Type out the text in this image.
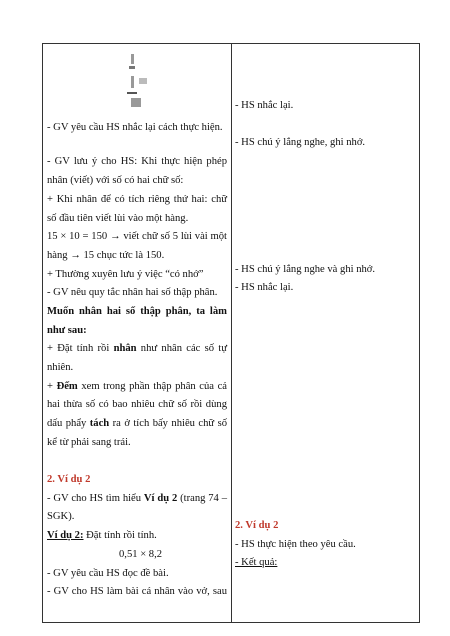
- GV yêu cầu HS nhắc lại cách thực hiện.
- GV lưu ý cho HS: Khi thực hiện phép
nhân (viết) với số có hai chữ số:
+ Khi nhân để có tích riêng thứ hai: chữ
số đầu tiên viết lùi vào một hàng.
15 × 10 = 150 → viết chữ số 5 lùi vài một
hàng → 15 chục tức là 150.
+ Thường xuyên lưu ý việc “có nhớ”
- GV nêu quy tắc nhân hai số thập phân.
Muốn nhân hai số thập phân, ta làm
như sau:
+ Đặt tính rồi nhân như nhân các số tự
nhiên.
+ Đếm xem trong phần thập phân của cả
hai thừa số có bao nhiêu chữ số rồi dùng
dấu phẩy tách ra ở tích bấy nhiêu chữ số
kể từ phải sang trái.
2. Ví dụ 2
- GV cho HS tìm hiểu Ví dụ 2 (trang 74 –
SGK).
Ví dụ 2: Đặt tính rồi tính.
0,51 × 8,2
- GV yêu cầu HS đọc đề bài.
- GV cho HS làm bài cá nhân vào vở, sau
- HS nhắc lại.
- HS chú ý lắng nghe, ghi nhớ.
- HS chú ý lắng nghe và ghi nhớ.
- HS nhắc lại.
2. Ví dụ 2
- HS thực hiện theo yêu cầu.
- Kết quả:
